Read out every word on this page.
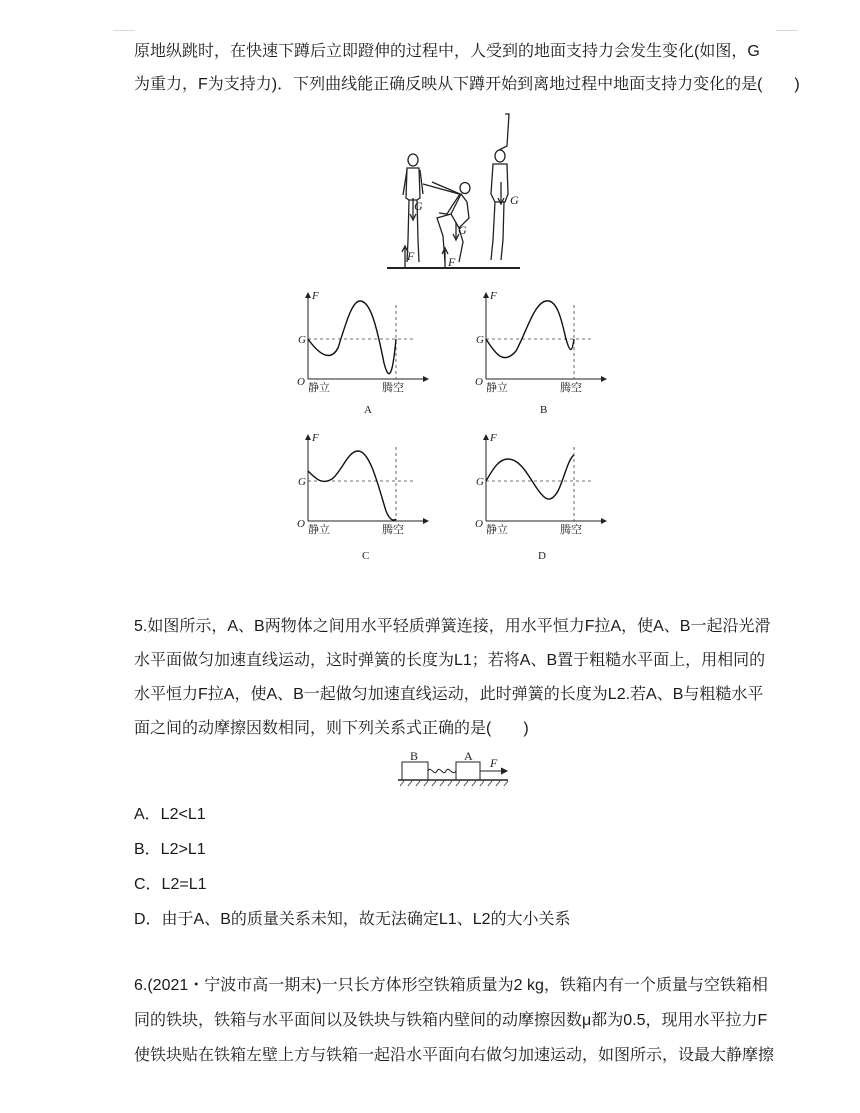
原地纵跳时，在快速下蹲后立即蹬伸的过程中，人受到的地面支持力会发生变化(如图，G
为重力，F为支持力)．下列曲线能正确反映从下蹲开始到离地过程中地面支持力变化的是(　　)
G
F
G
F
G
F
G
O 静立	腾空
A
F
G
O 静立	腾空
B
F
G
O 静立	腾空
C
F
G
O 静立	腾空
D
5.如图所示，A、B两物体之间用水平轻质弹簧连接，用水平恒力F拉A，使A、B一起沿光滑
水平面做匀加速直线运动，这时弹簧的长度为L1；若将A、B置于粗糙水平面上，用相同的
水平恒力F拉A，使A、B一起做匀加速直线运动，此时弹簧的长度为L2.若A、B与粗糙水平
面之间的动摩擦因数相同，则下列关系式正确的是(　　)
B	A F
A．L2<L1
B．L2>L1
C．L2=L1
D．由于A、B的质量关系未知，故无法确定L1、L2的大小关系
6.(2021・宁波市高一期末)一只长方体形空铁箱质量为2 kg，铁箱内有一个质量与空铁箱相
同的铁块，铁箱与水平面间以及铁块与铁箱内壁间的动摩擦因数μ都为0.5，现用水平拉力F
使铁块贴在铁箱左壁上方与铁箱一起沿水平面向右做匀加速运动，如图所示，设最大静摩擦
